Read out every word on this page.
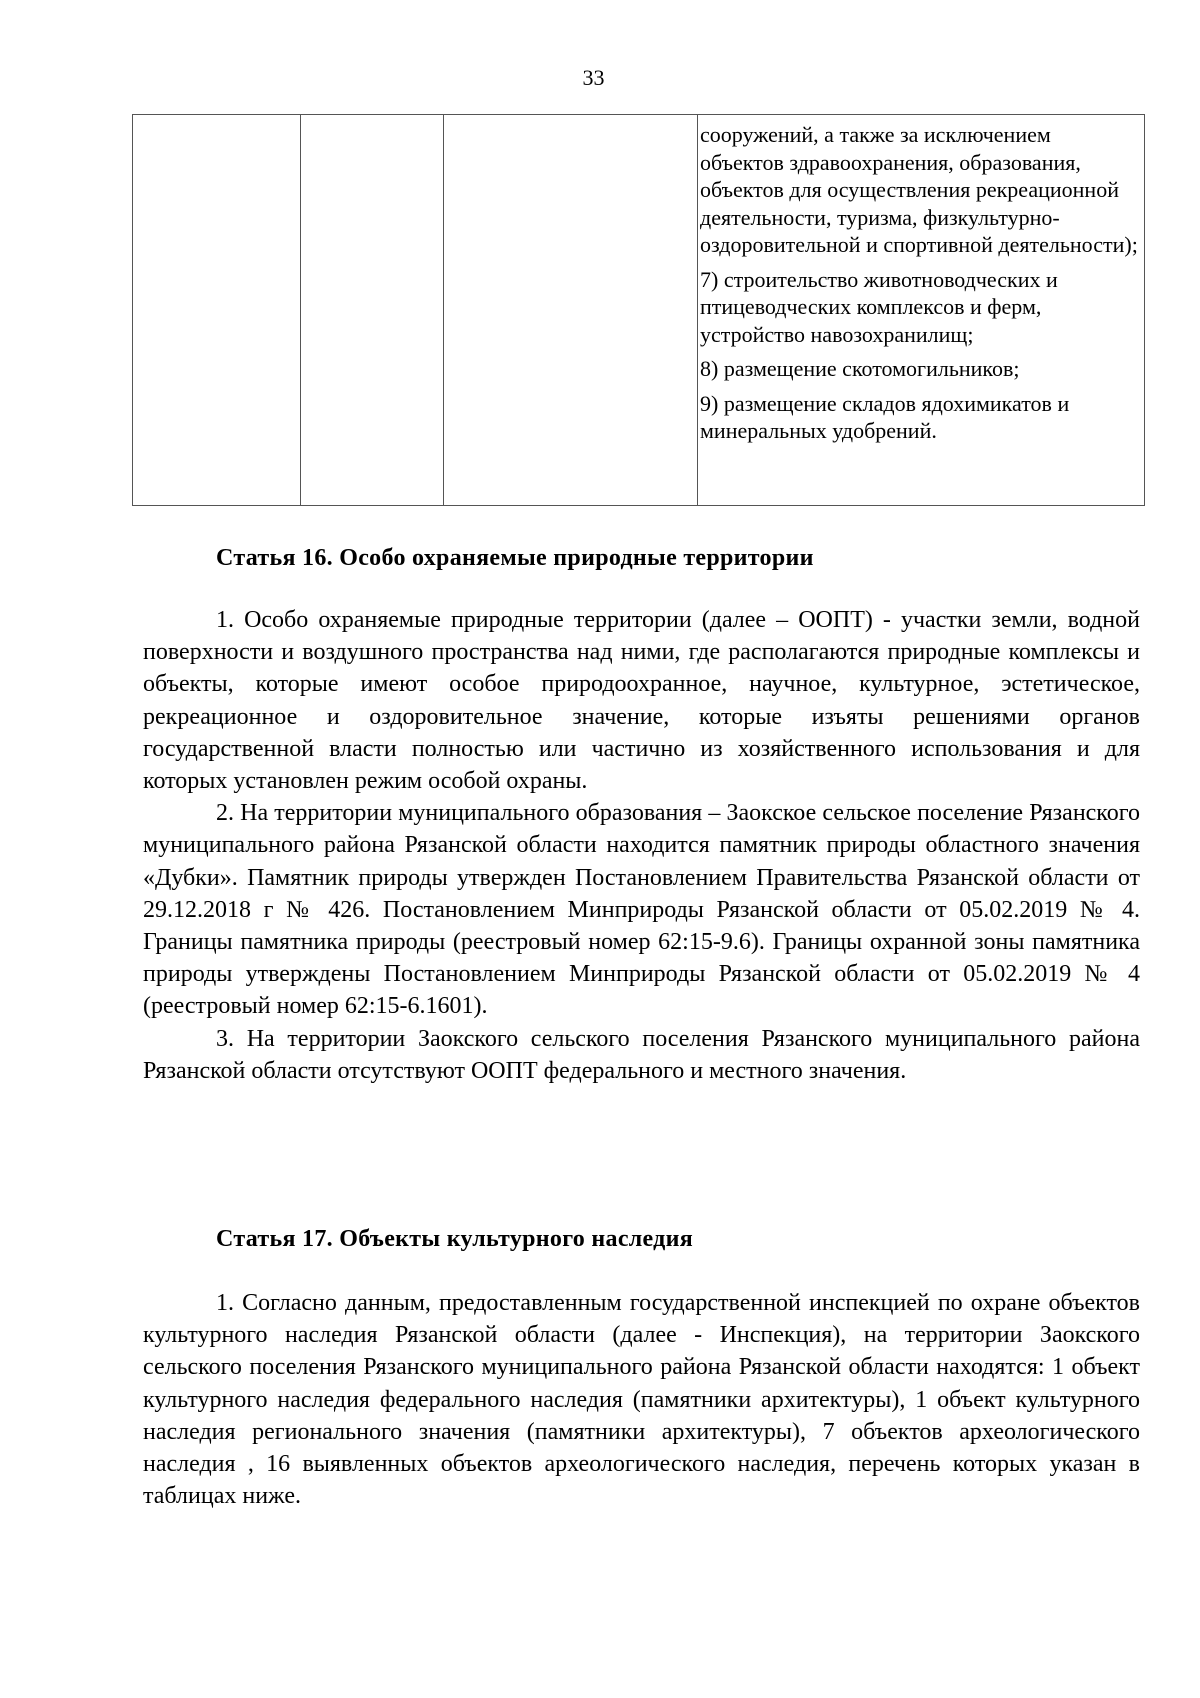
33

сооружений, а также за исключением объектов здравоохранения, образования, объектов для осуществления рекреационной деятельности, туризма, физкультурно-оздоровительной и спортивной деятельности);

7) строительство животноводческих и птицеводческих комплексов и ферм, устройство навозохранилищ;

8) размещение скотомогильников;

9) размещение складов ядохимикатов и минеральных удобрений.

Статья 16. Особо охраняемые природные территории

1. Особо охраняемые природные территории (далее – ООПТ) - участки земли, водной поверхности и воздушного пространства над ними, где располагаются природные комплексы и объекты, которые имеют особое природоохранное, научное, культурное, эстетическое, рекреационное и оздоровительное значение, которые изъяты решениями органов государственной власти полностью или частично из хозяйственного использования и для которых установлен режим особой охраны.

2. На территории муниципального образования – Заокское сельское поселение Рязанского муниципального района Рязанской области находится памятник природы областного значения «Дубки». Памятник природы утвержден Постановлением Правительства Рязанской области от 29.12.2018 г № 426. Постановлением Минприроды Рязанской области от 05.02.2019 № 4. Границы памятника природы (реестровый номер 62:15-9.6). Границы охранной зоны памятника природы утверждены Постановлением Минприроды Рязанской области от 05.02.2019 № 4 (реестровый номер 62:15-6.1601).

3. На территории Заокского сельского поселения Рязанского муниципального района Рязанской области отсутствуют ООПТ федерального и местного значения.

Статья 17. Объекты культурного наследия

1. Согласно данным, предоставленным государственной инспекцией по охране объектов культурного наследия Рязанской области (далее - Инспекция), на территории Заокского сельского поселения Рязанского муниципального района Рязанской области находятся: 1 объект культурного наследия федерального наследия (памятники архитектуры), 1 объект культурного наследия регионального значения (памятники архитектуры), 7 объектов археологического наследия , 16 выявленных объектов археологического наследия, перечень которых указан в таблицах ниже.
